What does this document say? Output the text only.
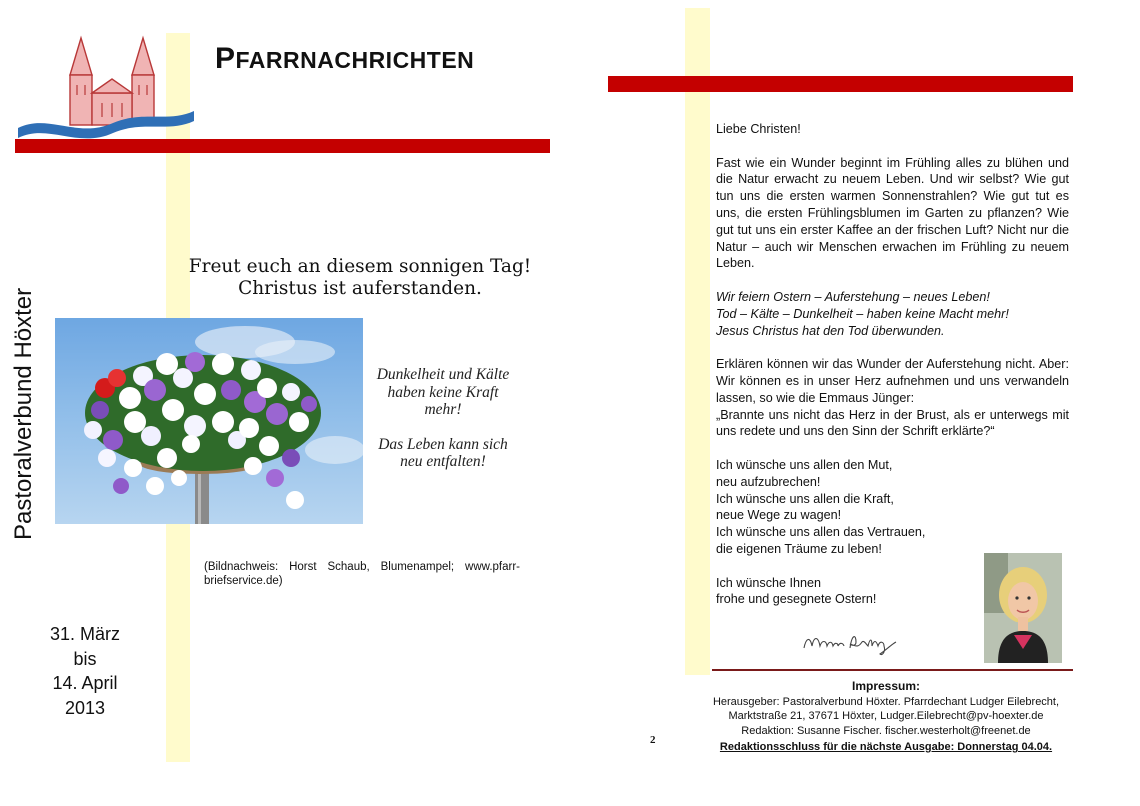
PFARRNACHRICHTEN
Pastoralverbund Höxter
31. März
bis
14. April
2013
Freut euch an diesem sonnigen Tag!
Christus ist auferstanden.
Dunkelheit und Kälte
haben keine Kraft
mehr!
Das Leben kann sich
neu entfalten!
(Bildnachweis: Horst Schaub, Blumenampel; www.pfarr-briefservice.de)

Liebe Christen!

Fast wie ein Wunder beginnt im Frühling alles zu blühen und die Natur erwacht zu neuem Leben. Und wir selbst? Wie gut tun uns die ersten warmen Sonnenstrahlen? Wie gut tut es uns, die ersten Frühlingsblumen im Garten zu pflanzen? Wie gut tut uns ein erster Kaffee an der frischen Luft? Nicht nur die Natur – auch wir Menschen erwachen im Frühling zu neuem Leben.

Wir feiern Ostern – Auferstehung – neues Leben!

Tod – Kälte – Dunkelheit – haben keine Macht mehr!

Jesus Christus hat den Tod überwunden.

Erklären können wir das Wunder der Auferstehung nicht. Aber: Wir können es in unser Herz aufnehmen und uns verwandeln lassen, so wie die Emmaus Jünger:

„Brannte uns nicht das Herz in der Brust, als er unterwegs mit uns redete und uns den Sinn der Schrift erklärte?“

Ich wünsche uns allen den Mut,

neu aufzubrechen!

Ich wünsche uns allen die Kraft,

neue Wege zu wagen!

Ich wünsche uns allen das Vertrauen,

die eigenen Träume zu leben!

Ich wünsche Ihnen

frohe und gesegnete Ostern!

Impressum:
Herausgeber: Pastoralverbund Höxter. Pfarrdechant Ludger Eilebrecht,
Marktstraße 21, 37671 Höxter, Ludger.Eilebrecht@pv-hoexter.de
Redaktion: Susanne Fischer. fischer.westerholt@freenet.de
Redaktionsschluss für die nächste Ausgabe: Donnerstag 04.04.
2
